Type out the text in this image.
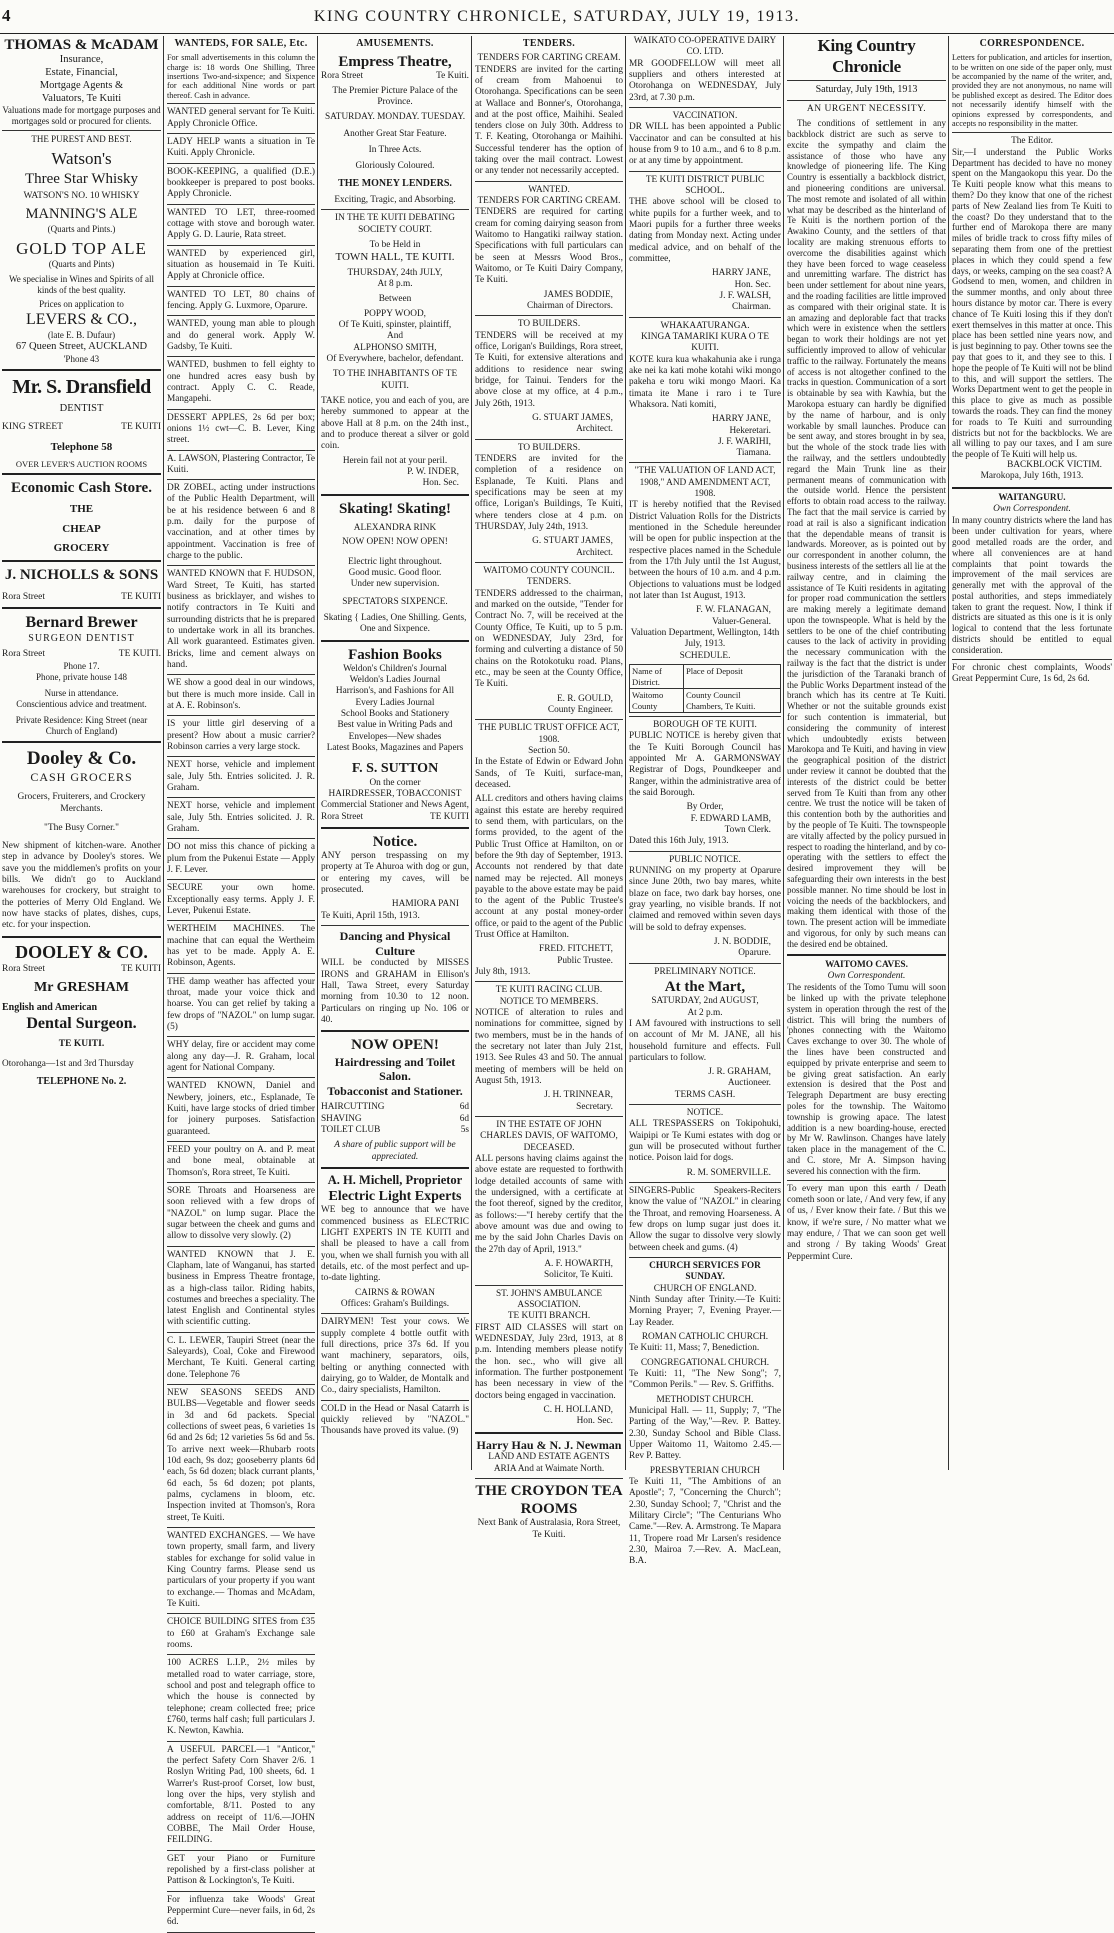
4	KING COUNTRY CHRONICLE, SATURDAY, JULY 19, 1913.
THOMAS & McADAM
Insurance,
Estate, Financial,
Mortgage Agents &
Valuators, Te Kuiti
Valuations made for mortgage purposes and mortgages sold or procured for clients.
THE PUREST AND BEST.
Watson's
Three Star Whisky
WATSON'S NO. 10 WHISKY
MANNING'S ALE
(Quarts and Pints.)
GOLD TOP ALE
(Quarts and Pints)
We specialise in Wines and Spirits of all kinds of the best quality.
Prices on application to
LEVERS & CO.,
(late E. B. Dufaur)
67 Queen Street, AUCKLAND
'Phone 43
Mr. S. Dransfield
DENTIST
KING STREET	TE KUITI
Telephone 58
OVER LEVER'S AUCTION ROOMS
Economic Cash Store.
THE
CHEAP
GROCERY
J. NICHOLLS & SONS
Rora Street	TE KUITI
Bernard Brewer
SURGEON DENTIST
Rora Street	TE KUITI.
Phone 17.
Phone, private house 148
Nurse in attendance.
Conscientious advice and treatment.
Private Residence: King Street (near Church of England)
Dooley & Co.
CASH GROCERS
Grocers, Fruiterers, and Crockery Merchants.
"The Busy Corner."
New shipment of kitchen-ware. Another step in advance by Dooley's stores. We save you the middlemen's profits on your bills. We didn't go to Auckland warehouses for crockery, but straight to the potteries of Merry Old England. We now have stacks of plates, dishes, cups, etc. for your inspection.
DOOLEY & CO.
Rora Street	TE KUITI
Mr GRESHAM
English and American
Dental Surgeon.
TE KUITI.
Otorohanga—1st and 3rd Thursday
TELEPHONE No. 2.
WANTEDS, FOR SALE, Etc.
For small advertisements in this column the charge is: 18 words One Shilling, Three insertions Two-and-sixpence; and Sixpence for each additional Nine words or part thereof. Cash in advance.
WANTED general servant for Te Kuiti. Apply Chronicle Office.
LADY HELP wants a situation in Te Kuiti. Apply Chronicle.
BOOK-KEEPING, a qualified (D.E.) bookkeeper is prepared to post books. Apply Chronicle.
WANTED TO LET, three-roomed cottage with stove and borough water. Apply G. D. Laurie, Rata street.
WANTED by experienced girl, situation as housemaid in Te Kuiti. Apply at Chronicle office.
WANTED TO LET, 80 chains of fencing. Apply G. Luxmore, Oparure.
WANTED, young man able to plough and do general work. Apply W. Gadsby, Te Kuiti.
WANTED, bushmen to fell eighty to one hundred acres easy bush by contract. Apply C. C. Reade, Mangapehi.
DESSERT APPLES, 2s 6d per box; onions 1½ cwt—C. B. Lever, King street.
A. LAWSON, Plastering Contractor, Te Kuiti.
DR ZOBEL, acting under instructions of the Public Health Department, will be at his residence between 6 and 8 p.m. daily for the purpose of vaccination, and at other times by appointment. Vaccination is free of charge to the public.
WANTED KNOWN that F. HUDSON, Ward Street, Te Kuiti, has started business as bricklayer, and wishes to notify contractors in Te Kuiti and surrounding districts that he is prepared to undertake work in all its branches. All work guaranteed. Estimates given. Bricks, lime and cement always on hand.
WE show a good deal in our windows, but there is much more inside. Call in at A. E. Robinson's.
IS your little girl deserving of a present? How about a music carrier? Robinson carries a very large stock.
NEXT horse, vehicle and implement sale, July 5th. Entries solicited. J. R. Graham.
NEXT horse, vehicle and implement sale, July 5th. Entries solicited. J. R. Graham.
DO not miss this chance of picking a plum from the Pukenui Estate — Apply J. F. Lever.
SECURE your own home. Exceptionally easy terms. Apply J. F. Lever, Pukenui Estate.
WERTHEIM MACHINES. The machine that can equal the Wertheim has yet to be made. Apply A. E. Robinson, Agents.
THE damp weather has affected your throat, made your voice thick and hoarse. You can get relief by taking a few drops of "NAZOL" on lump sugar. (5)
WHY delay, fire or accident may come along any day—J. R. Graham, local agent for National Company.
WANTED KNOWN, Daniel and Newbery, joiners, etc., Esplanade, Te Kuiti, have large stocks of dried timber for joinery purposes. Satisfaction guaranteed.
FEED your poultry on A. and P. meat and bone meal, obtainable at Thomson's, Rora street, Te Kuiti.
SORE Throats and Hoarseness are soon relieved with a few drops of "NAZOL" on lump sugar. Place the sugar between the cheek and gums and allow to dissolve very slowly. (2)
WANTED KNOWN that J. E. Clapham, late of Wanganui, has started business in Empress Theatre frontage, as a high-class tailor. Riding habits, costumes and breeches a speciality. The latest English and Continental styles with scientific cutting.
C. L. LEWER, Taupiri Street (near the Saleyards), Coal, Coke and Firewood Merchant, Te Kuiti. General carting done. Telephone 76
NEW SEASONS SEEDS AND BULBS—Vegetable and flower seeds in 3d and 6d packets. Special collections of sweet peas, 6 varieties 1s 6d and 2s 6d; 12 varieties 5s 6d and 5s. To arrive next week—Rhubarb roots 10d each, 9s doz; gooseberry plants 6d each, 5s 6d dozen; black currant plants, 6d each, 5s 6d dozen; pot plants, palms, cyclamens in bloom, etc. Inspection invited at Thomson's, Rora street, Te Kuiti.
WANTED EXCHANGES. — We have town property, small farm, and livery stables for exchange for solid value in King Country farms. Please send us particulars of your property if you want to exchange.— Thomas and McAdam, Te Kuiti.
CHOICE BUILDING SITES from £35 to £60 at Graham's Exchange sale rooms.
100 ACRES L.I.P., 2½ miles by metalled road to water carriage, store, school and post and telegraph office to which the house is connected by telephone; cream collected free; price £760, terms half cash; full particulars J. K. Newton, Kawhia.
A USEFUL PARCEL—1 "Anticor," the perfect Safety Corn Shaver 2/6. 1 Roslyn Writing Pad, 100 sheets, 6d. 1 Warrer's Rust-proof Corset, low bust, long over the hips, very stylish and comfortable, 8/11. Posted to any address on receipt of 11/6.—JOHN COBBE, The Mail Order House, FEILDING.
GET your Piano or Furniture repolished by a first-class polisher at Pattison & Lockington's, Te Kuiti.
For influenza take Woods' Great Peppermint Cure—never fails, in 6d, 2s 6d.
AMUSEMENTS.
Empress Theatre,
Rora Street	Te Kuiti.
The Premier Picture Palace of the Province.
SATURDAY. MONDAY. TUESDAY.
Another Great Star Feature.
In Three Acts.
Gloriously Coloured.
THE MONEY LENDERS.
Exciting, Tragic, and Absorbing.
IN THE TE KUITI DEBATING SOCIETY COURT.
To be Held in
TOWN HALL, TE KUITI.
THURSDAY, 24th JULY,
At 8 p.m.
Between
POPPY WOOD,
Of Te Kuiti, spinster, plaintiff,
And
ALPHONSO SMITH,
Of Everywhere, bachelor, defendant.
TO THE INHABITANTS OF TE KUITI.
TAKE notice, you and each of you, are hereby summoned to appear at the above Hall at 8 p.m. on the 24th inst., and to produce thereat a silver or gold coin.
Herein fail not at your peril.
P. W. INDER,
Hon. Sec.
Skating! Skating!
ALEXANDRA RINK
NOW OPEN! NOW OPEN!
Electric light throughout.
Good music. Good floor.
Under new supervision.
SPECTATORS SIXPENCE.
Skating { Ladies, One Shilling. Gents, One and Sixpence.
Fashion Books
Weldon's Children's Journal
Weldon's Ladies Journal
Harrison's, and Fashions for All
Every Ladies Journal
School Books and Stationery
Best value in Writing Pads and Envelopes—New shades
Latest Books, Magazines and Papers
F. S. SUTTON
On the corner
HAIRDRESSER, TOBACCONIST
Commercial Stationer and News Agent,
Rora Street	TE KUITI
Notice.
ANY person trespassing on my property at Te Ahuroa with dog or gun, or entering my caves, will be prosecuted.
HAMIORA PANI
Te Kuiti, April 15th, 1913.
Dancing and Physical Culture
WILL be conducted by MISSES IRONS and GRAHAM in Ellison's Hall, Tawa Street, every Saturday morning from 10.30 to 12 noon. Particulars on ringing up No. 106 or 40.
NOW OPEN!
Hairdressing and Toilet Salon.
Tobacconist and Stationer.
HAIRCUTTING	6d
SHAVING	6d
TOILET CLUB	5s
A share of public support will be appreciated.
A. H. Michell, Proprietor
Electric Light Experts
WE beg to announce that we have commenced business as ELECTRIC LIGHT EXPERTS IN TE KUITI and shall be pleased to have a call from you, when we shall furnish you with all details, etc. of the most perfect and up-to-date lighting.
CAIRNS & ROWAN
Offices: Graham's Buildings.
DAIRYMEN! Test your cows. We supply complete 4 bottle outfit with full directions, price 37s 6d. If you want machinery, separators, oils, belting or anything connected with dairying, go to Walder, de Montalk and Co., dairy specialists, Hamilton.
COLD in the Head or Nasal Catarrh is quickly relieved by "NAZOL." Thousands have proved its value. (9)
TENDERS.
TENDERS FOR CARTING CREAM.
TENDERS are invited for the carting of cream from Mahoenui to Otorohanga. Specifications can be seen at Wallace and Bonner's, Otorohanga, and at the post office, Maihihi. Sealed tenders close on July 30th. Address to T. F. Keating, Otorohanga or Maihihi. Successful tenderer has the option of taking over the mail contract. Lowest or any tender not necessarily accepted.
WANTED.
TENDERS FOR CARTING CREAM.
TENDERS are required for carting cream for coming dairying season from Waitomo to Hangatiki railway station. Specifications with full particulars can be seen at Messrs Wood Bros., Waitomo, or Te Kuiti Dairy Company, Te Kuiti.
JAMES BODDIE,
Chairman of Directors.
TO BUILDERS.
TENDERS will be received at my office, Lorigan's Buildings, Rora street, Te Kuiti, for extensive alterations and additions to residence near swing bridge, for Tainui. Tenders for the above close at my office, at 4 p.m., July 26th, 1913.
G. STUART JAMES,
Architect.
TO BUILDERS.
TENDERS are invited for the completion of a residence on Esplanade, Te Kuiti. Plans and specifications may be seen at my office, Lorigan's Buildings, Te Kuiti, where tenders close at 4 p.m. on THURSDAY, July 24th, 1913.
G. STUART JAMES,
Architect.
WAITOMO COUNTY COUNCIL.
TENDERS.
TENDERS addressed to the chairman, and marked on the outside, "Tender for Contract No. 7, will be received at the County Office, Te Kuiti, up to 5 p.m. on WEDNESDAY, July 23rd, for forming and culverting a distance of 50 chains on the Rotokotuku road. Plans, etc., may be seen at the County Office, Te Kuiti.
E. R. GOULD,
County Engineer.
THE PUBLIC TRUST OFFICE ACT, 1908.
Section 50.
In the Estate of Edwin or Edward John Sands, of Te Kuiti, surface-man, deceased.
ALL creditors and others having claims against this estate are hereby required to send them, with particulars, on the forms provided, to the agent of the Public Trust Office at Hamilton, on or before the 9th day of September, 1913. Accounts not rendered by that date named may be rejected. All moneys payable to the above estate may be paid to the agent of the Public Trustee's account at any postal money-order office, or paid to the agent of the Public Trust Office at Hamilton.
FRED. FITCHETT,
Public Trustee.
July 8th, 1913.
TE KUITI RACING CLUB.
NOTICE TO MEMBERS.
NOTICE of alteration to rules and nominations for committee, signed by two members, must be in the hands of the secretary not later than July 21st, 1913. See Rules 43 and 50. The annual meeting of members will be held on August 5th, 1913.
J. H. TRINNEAR,
Secretary.
IN THE ESTATE OF JOHN CHARLES DAVIS, OF WAITOMO, DECEASED.
ALL persons having claims against the above estate are requested to forthwith lodge detailed accounts of same with the undersigned, with a certificate at the foot thereof, signed by the creditor, as follows:—"I hereby certify that the above amount was due and owing to me by the said John Charles Davis on the 27th day of April, 1913."
A. F. HOWARTH,
Solicitor, Te Kuiti.
ST. JOHN'S AMBULANCE ASSOCIATION.
TE KUITI BRANCH.
FIRST AID CLASSES will start on WEDNESDAY, July 23rd, 1913, at 8 p.m. Intending members please notify the hon. sec., who will give all information. The further postponement has been necessary in view of the doctors being engaged in vaccination.
C. H. HOLLAND,
Hon. Sec.
Harry Hau & N. J. Newman
LAND AND ESTATE AGENTS
ARIA And at Waimate North.
THE CROYDON TEA ROOMS
Next Bank of Australasia, Rora Street, Te Kuiti.
WAIKATO CO-OPERATIVE DAIRY CO. LTD.
MR GOODFELLOW will meet all suppliers and others interested at Otorohanga on WEDNESDAY, July 23rd, at 7.30 p.m.
VACCINATION.
DR WILL has been appointed a Public Vaccinator and can be consulted at his house from 9 to 10 a.m., and 6 to 8 p.m. or at any time by appointment.
TE KUITI DISTRICT PUBLIC SCHOOL.
THE above school will be closed to white pupils for a further week, and to Maori pupils for a further three weeks dating from Monday next. Acting under medical advice, and on behalf of the committee,
HARRY JANE,
Hon. Sec.
J. F. WALSH,
Chairman.
WHAKAATURANGA.
KINGA TAMARIKI KURA O TE KUITI.
KOTE kura kua whakahunia ake i runga ake nei ka kati mohe kotahi wiki mongo pakeha e toru wiki mongo Maori. Ka timata ite Mane i raro i te Ture Whaksora. Nati komiti,
HARRY JANE,
Hekeretari.
J. F. WARIHI,
Tiamana.
"THE VALUATION OF LAND ACT, 1908," AND AMENDMENT ACT, 1908.
IT is hereby notified that the Revised District Valuation Rolls for the Districts mentioned in the Schedule hereunder will be open for public inspection at the respective places named in the Schedule from the 17th July until the 1st August, between the hours of 10 a.m. and 4 p.m. Objections to valuations must be lodged not later than 1st August, 1913.
F. W. FLANAGAN,
Valuer-General.
Valuation Department, Wellington, 14th July, 1913.
SCHEDULE.
Name of District.	Place of Deposit
Waitomo County	County Council Chambers, Te Kuiti.
BOROUGH OF TE KUITI.
PUBLIC NOTICE is hereby given that the Te Kuiti Borough Council has appointed Mr A. GARMONSWAY Registrar of Dogs, Poundkeeper and Ranger, within the administrative area of the said Borough.
By Order,
F. EDWARD LAMB,
Town Clerk.
Dated this 16th July, 1913.
PUBLIC NOTICE.
RUNNING on my property at Oparure since June 20th, two bay mares, white blaze on face, two dark bay horses, one gray yearling, no visible brands. If not claimed and removed within seven days will be sold to defray expenses.
J. N. BODDIE,
Oparure.
PRELIMINARY NOTICE.
At the Mart,
SATURDAY, 2nd AUGUST,
At 2 p.m.
I AM favoured with instructions to sell on account of Mr M. JANE, all his household furniture and effects. Full particulars to follow.
J. R. GRAHAM,
Auctioneer.
TERMS CASH.
NOTICE.
ALL TRESPASSERS on Tokipohuki, Waipipi or Te Kumi estates with dog or gun will be prosecuted without further notice. Poison laid for dogs.
R. M. SOMERVILLE.
SINGERS-Public Speakers-Reciters know the value of "NAZOL" in clearing the Throat, and removing Hoarseness. A few drops on lump sugar just does it. Allow the sugar to dissolve very slowly between cheek and gums. (4)
CHURCH SERVICES FOR SUNDAY.
CHURCH OF ENGLAND.
Ninth Sunday after Trinity.—Te Kuiti: Morning Prayer; 7, Evening Prayer.—Lay Reader.
ROMAN CATHOLIC CHURCH.
Te Kuiti: 11, Mass; 7, Benediction.
CONGREGATIONAL CHURCH.
Te Kuiti: 11, "The New Song"; 7, "Common Perils." — Rev. S. Griffiths.
METHODIST CHURCH.
Municipal Hall. — 11, Supply; 7, "The Parting of the Way,"—Rev. P. Battey. 2.30, Sunday School and Bible Class. Upper Waitomo 11, Waitomo 2.45.—Rev P. Battey.
PRESBYTERIAN CHURCH
Te Kuiti 11, "The Ambitions of an Apostle"; 7, "Concerning the Church"; 2.30, Sunday School; 7, "Christ and the Military Circle"; "The Centurians Who Came."—Rev. A. Armstrong. Te Mapara 11, Tropere road Mr Larsen's residence 2.30, Mairoa 7.—Rev. A. MacLean, B.A.
King Country Chronicle
Saturday, July 19th, 1913
AN URGENT NECESSITY.

The conditions of settlement in any backblock district are such as serve to excite the sympathy and claim the assistance of those who have any knowledge of pioneering life. The King Country is essentially a backblock district, and pioneering conditions are universal. The most remote and isolated of all within what may be described as the hinterland of Te Kuiti is the northern portion of the Awakino County, and the settlers of that locality are making strenuous efforts to overcome the disabilities against which they have been forced to wage ceaseless and unremitting warfare. The district has been under settlement for about nine years, and the roading facilities are little improved as compared with their original state. It is an amazing and deplorable fact that tracks which were in existence when the settlers began to work their holdings are not yet sufficiently improved to allow of vehicular traffic to the railway. Fortunately the means of access is not altogether confined to the tracks in question. Communication of a sort is obtainable by sea with Kawhia, but the Marokopa estuary can hardly be dignified by the name of harbour, and is only workable by small launches. Produce can be sent away, and stores brought in by sea, but the whole of the stock trade lies with the railway, and the settlers undoubtedly regard the Main Trunk line as their permanent means of communication with the outside world. Hence the persistent efforts to obtain road access to the railway. The fact that the mail service is carried by road at rail is also a significant indication that the dependable means of transit is landwards. Moreover, as is pointed out by our correspondent in another column, the business interests of the settlers all lie at the railway centre, and in claiming the assistance of Te Kuiti residents in agitating for proper road communication the settlers are making merely a legitimate demand upon the townspeople. What is held by the settlers to be one of the chief contributing causes to the lack of activity in providing the necessary communication with the railway is the fact that the district is under the jurisdiction of the Taranaki branch of the Public Works Department instead of the branch which has its centre at Te Kuiti. Whether or not the suitable grounds exist for such contention is immaterial, but considering the community of interest which undoubtedly exists between Marokopa and Te Kuiti, and having in view the geographical position of the district under review it cannot be doubted that the interests of the district could be better served from Te Kuiti than from any other centre. We trust the notice will be taken of this contention both by the authorities and by the people of Te Kuiti. The townspeople are vitally affected by the policy pursued in respect to roading the hinterland, and by co-operating with the settlers to effect the desired improvement they will be safeguarding their own interests in the best possible manner. No time should be lost in voicing the needs of the backblockers, and making them identical with those of the town. The present action will be immediate and vigorous, for only by such means can the desired end be obtained.

WAITOMO CAVES.
Own Correspondent.
The residents of the Tomo Tumu will soon be linked up with the private telephone system in operation through the rest of the district. This will bring the numbers of 'phones connecting with the Waitomo Caves exchange to over 30. The whole of the lines have been constructed and equipped by private enterprise and seem to be giving great satisfaction. An early extension is desired that the Post and Telegraph Department are busy erecting poles for the township. The Waitomo township is growing apace. The latest addition is a new boarding-house, erected by Mr W. Rawlinson. Changes have lately taken place in the management of the C. and C. store, Mr A. Simpson having severed his connection with the firm.
To every man upon this earth / Death cometh soon or late, / And very few, if any of us, / Ever know their fate. / But this we know, if we're sure, / No matter what we may endure, / That we can soon get well and strong / By taking Woods' Great Peppermint Cure.
CORRESPONDENCE.
Letters for publication, and articles for insertion, to be written on one side of the paper only, must be accompanied by the name of the writer, and, provided they are not anonymous, no name will be published except as desired. The Editor does not necessarily identify himself with the opinions expressed by correspondents, and accepts no responsibility in the matter.
The Editor.
Sir,—I understand the Public Works Department has decided to have no money spent on the Mangaokopu this year. Do the Te Kuiti people know what this means to them? Do they know that one of the richest parts of New Zealand lies from Te Kuiti to the coast? Do they understand that to the further end of Marokopa there are many miles of bridle track to cross fifty miles of separating them from one of the prettiest places in which they could spend a few days, or weeks, camping on the sea coast? A Godsend to men, women, and children in the summer months, and only about three hours distance by motor car. There is every chance of Te Kuiti losing this if they don't exert themselves in this matter at once. This place has been settled nine years now, and is just beginning to pay. Other towns see the pay that goes to it, and they see to this. I hope the people of Te Kuiti will not be blind to this, and will support the settlers. The Works Department went to get the people in this place to give as much as possible towards the roads. They can find the money for roads to Te Kuiti and surrounding districts but not for the backblocks. We are all willing to pay our taxes, and I am sure the people of Te Kuiti will help us.
BACKBLOCK VICTIM.
Marokopa, July 16th, 1913.
WAITANGURU.
Own Correspondent.
In many country districts where the land has been under cultivation for years, where good metalled roads are the order, and where all conveniences are at hand complaints that point towards the improvement of the mail services are generally met with the approval of the postal authorities, and steps immediately taken to grant the request. Now, I think if districts are situated as this one is it is only logical to contend that the less fortunate districts should be entitled to equal consideration.
For chronic chest complaints, Woods' Great Peppermint Cure, 1s 6d, 2s 6d.
